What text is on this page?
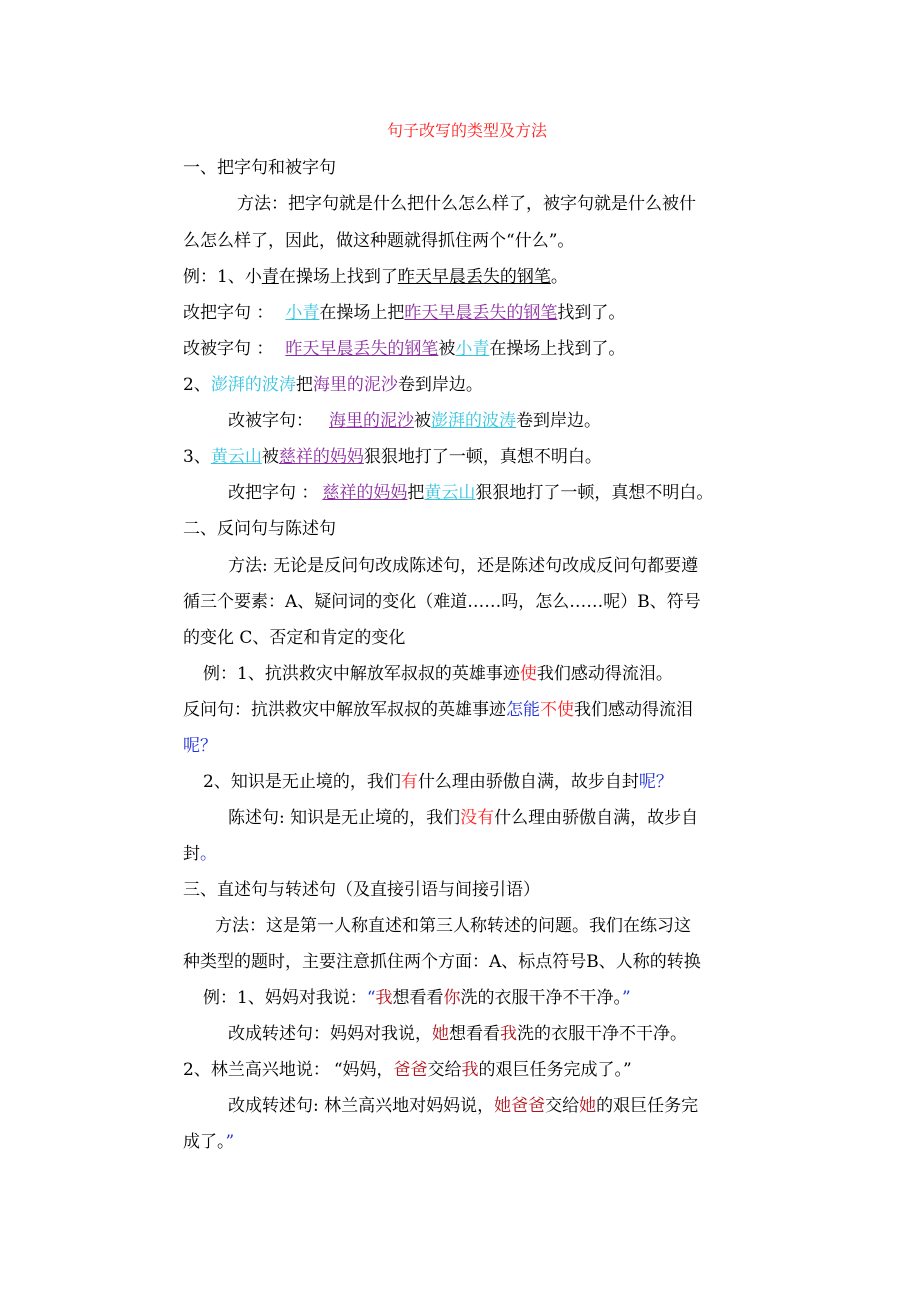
句子改写的类型及方法
一、把字句和被字句
方法：把字句就是什么把什么怎么样了，被字句就是什么被什
么怎么样了，因此，做这种题就得抓住两个“什么”。
例：1、小青在操场上找到了昨天早晨丢失的钢笔。
改把字句 ： 小青在操场上把昨天早晨丢失的钢笔找到了。
改被字句 ： 昨天早晨丢失的钢笔被小青在操场上找到了。
2、澎湃的波涛把海里的泥沙卷到岸边。
改被字句： 海里的泥沙被澎湃的波涛卷到岸边。
3、黄云山被慈祥的妈妈狠狠地打了一顿，真想不明白。
改把字句 ： 慈祥的妈妈把黄云山狠狠地打了一顿，真想不明白。
二、反问句与陈述句
方法: 无论是反问句改成陈述句，还是陈述句改成反问句都要遵
循三个要素：A、疑问词的变化（难道……吗，怎么……呢）B、符号
的变化 C、否定和肯定的变化
例：1、抗洪救灾中解放军叔叔的英雄事迹使我们感动得流泪。
反问句：抗洪救灾中解放军叔叔的英雄事迹怎能不使我们感动得流泪
呢？
2、知识是无止境的，我们有什么理由骄傲自满，故步自封呢？
陈述句: 知识是无止境的，我们没有什么理由骄傲自满，故步自
封。
三、直述句与转述句（及直接引语与间接引语）
方法：这是第一人称直述和第三人称转述的问题。我们在练习这
种类型的题时，主要注意抓住两个方面：A、标点符号B、人称的转换
例：1、妈妈对我说：“我想看看你洗的衣服干净不干净。”
改成转述句：妈妈对我说，她想看看我洗的衣服干净不干净。
2、林兰高兴地说： “妈妈，爸爸交给我的艰巨任务完成了。”
改成转述句: 林兰高兴地对妈妈说，她爸爸交给她的艰巨任务完
成了。”
